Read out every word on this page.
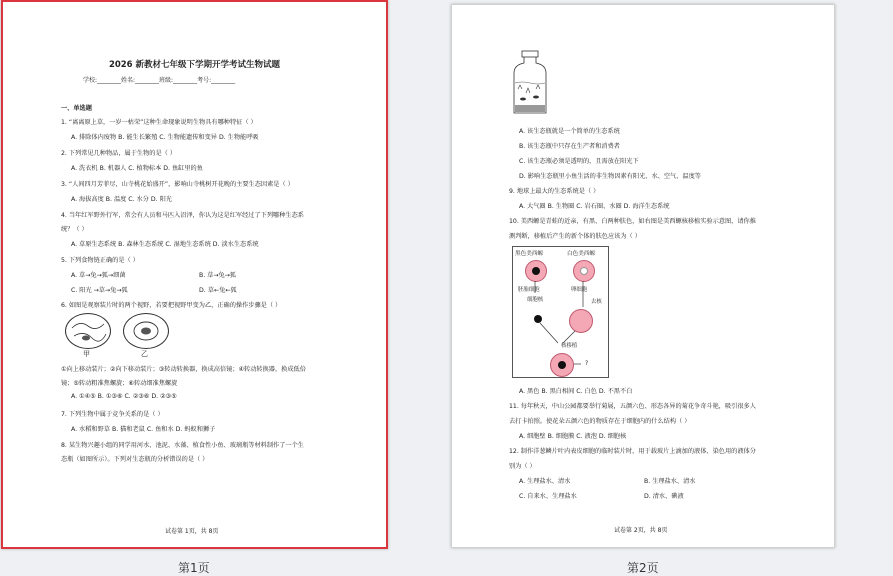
2026 新教材七年级下学期开学考试生物试题
学校:________姓名:________班级:________考号:________
一、单选题
1. “离离原上草，一岁一枯荣”这种生命现象说明生物具有哪种特征（ ）
A. 排除体内废物 B. 能生长繁殖 C. 生物能遗传和变异 D. 生物能呼吸
2. 下列常见几种物品，属于生物的是（ ）
A. 洗衣机 B. 机器人 C. 植物标本 D. 鱼缸里的鱼
3. “人间四月芳菲尽，山寺桃花始盛开”，影响山寺桃树开花晚的主要生态因素是（ ）
A. 海拔高度 B. 温度 C. 水分 D. 阳光
4. 当年红军野外行军，常会有人员和马匹入沼泽，你认为这是红军经过了下列哪种生态系
统？（ ）
A. 草原生态系统 B. 森林生态系统 C. 湿地生态系统 D. 淡水生态系统
5. 下列食物链正确的是（ ）
A. 草→兔→狐→细菌	B. 草→兔→狐
C. 阳光 →草→兔→狐	D. 草←兔←狐
6. 如图是观察装片时的两个视野，若要把视野甲变为乙，正确的操作步骤是（ ）
甲	乙
①向上移动装片；②向下移动装片；③转动转换器，换成高倍镜；④转动转换器，换成低倍
镜；⑤转动粗准焦螺旋；⑥转动细准焦螺旋
A. ①④⑤ B. ①③⑥ C. ②③⑥ D. ②③⑤
7. 下列生物中属于竞争关系的是（ ）
A. 水稻和野草 B. 猫和老鼠 C. 鱼和水 D. 蚂蚁和狮子
8. 某生物兴趣小组的同学用河水、池泥、水藻、植食性小鱼、玻璃瓶等材料制作了一个生
态瓶（如图所示）。下列对生态瓶的分析错误的是（ ）
试卷第 1页，共 8页
A. 该生态瓶就是一个简单的生态系统
B. 该生态瓶中只存在生产者和消费者
C. 该生态瓶必须是透明的，且需放在阳光下
D. 影响生态瓶里小鱼生活的非生物因素有阳光、水、空气、温度等
9. 地球上最大的生态系统是（ ）
A. 大气圈 B. 生物圈 C. 岩石圈、水圈 D. 海洋生态系统
10. 美西螈是青蛙的近亲，有黑、白两种肤色，如右图是美西螈核移植实验示意图，请你推
测判断，移植后产生的新个体的肤色应该为（ ）
黑色美西螈	白色美西螈
胚胎细胞
细胞核
卵细胞
去核
核移植
?
A. 黑色 B. 黑白相间 C. 白色 D. 不黑不白
11. 每年秋天，中山公园都要举行菊展，五颜六色、形态各异的菊花争奇斗艳，吸引很多人
去打卡拍照。使花朵五颜六色的物质存在于细胞内的什么结构（ ）
A. 细胞壁 B. 细胞膜 C. 液泡 D. 细胞核
12. 制作洋葱鳞片叶内表皮细胞的临时装片时，用于载玻片上滴加的液体、染色用的液体分
别为（ ）
A. 生理盐水、清水	B. 生理盐水、清水
C. 自来水、生理盐水	D. 清水、碘液
试卷第 2页，共 8页
第1页	第2页
